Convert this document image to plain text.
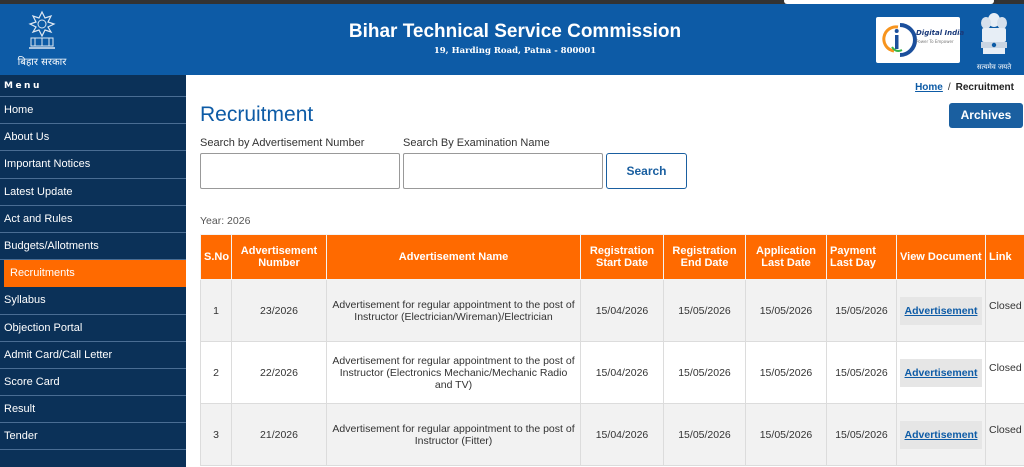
बिहार सरकार
Bihar Technical Service Commission
19, Harding Road, Patna - 800001
Digital India
Power To Empower
सत्यमेव जयते
Menu
Home
About Us
Important Notices
Latest Update
Act and Rules
Budgets/Allotments
Recruitments
Syllabus
Objection Portal
Admit Card/Call Letter
Score Card
Result
Tender
Home / Recruitment
Recruitment	Archives
Search by Advertisement Number	Search By Examination Name
Search
Year: 2026
S.No	Advertisement Number	Advertisement Name	Registration Start Date	Registration End Date	Application Last Date	Payment Last Day	View Document	Link
1	23/2026	Advertisement for regular appointment to the post of Instructor (Electrician/Wireman)/Electrician	15/04/2026	15/05/2026	15/05/2026	15/05/2026	Advertisement	Closed
2	22/2026	Advertisement for regular appointment to the post of Instructor (Electronics Mechanic/Mechanic Radio and TV)	15/04/2026	15/05/2026	15/05/2026	15/05/2026	Advertisement	Closed
3	21/2026	Advertisement for regular appointment to the post of Instructor (Fitter)	15/04/2026	15/05/2026	15/05/2026	15/05/2026	Advertisement	Closed
